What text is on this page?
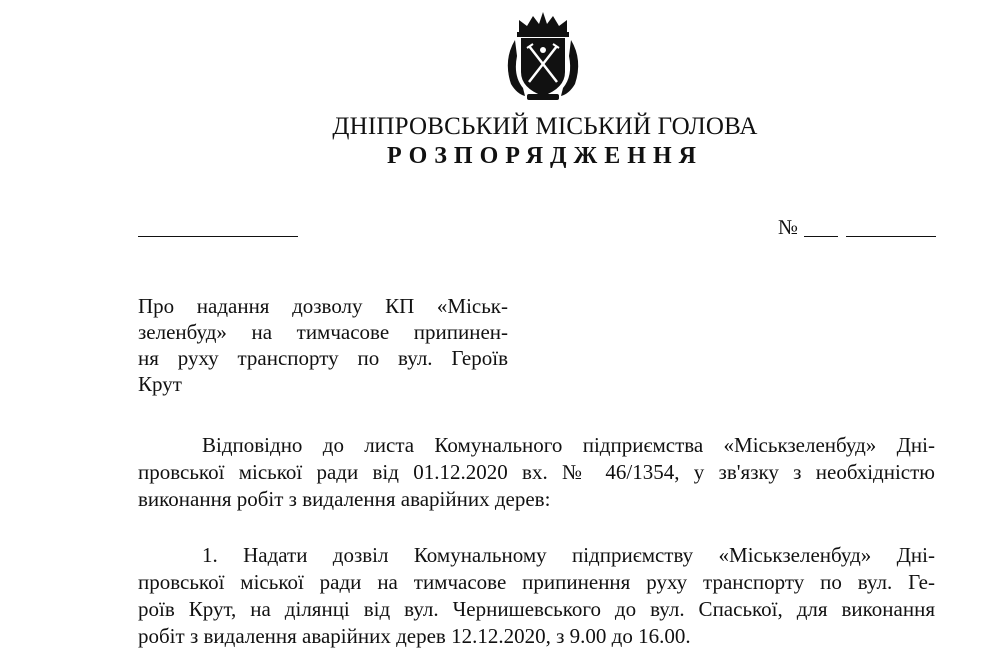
ДНІПРОВСЬКИЙ МІСЬКИЙ ГОЛОВА
РОЗПОРЯДЖЕННЯ
№
Про надання дозволу КП «Міськ-
зеленбуд» на тимчасове припинен-
ня руху транспорту по вул. Героїв
Крут
Відповідно до листа Комунального підприємства «Міськзеленбуд» Дні-
провської міської ради від 01.12.2020 вх. № 46/1354, у зв'язку з необхідністю
виконання робіт з видалення аварійних дерев:
1. Надати дозвіл Комунальному підприємству «Міськзеленбуд» Дні-
провської міської ради на тимчасове припинення руху транспорту по вул. Ге-
роїв Крут, на ділянці від вул. Чернишевського до вул. Спаської, для виконання
робіт з видалення аварійних дерев 12.12.2020, з 9.00 до 16.00.
